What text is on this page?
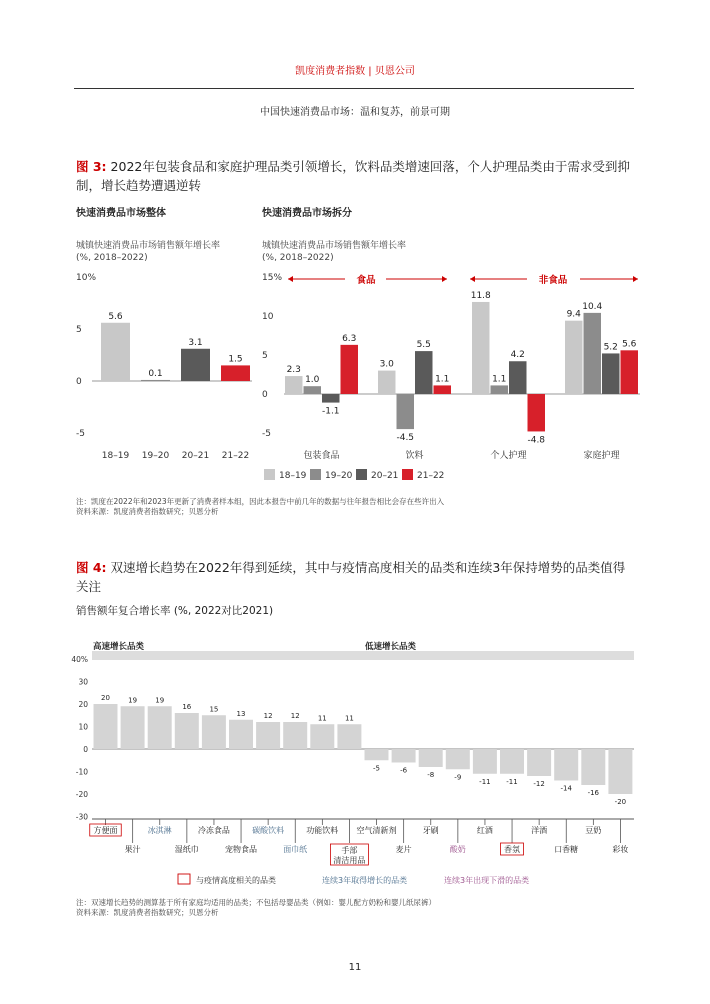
凯度消费者指数 | 贝恩公司
中国快速消费品市场：温和复苏，前景可期
图 3: 2022年包装食品和家庭护理品类引领增长，饮料品类增速回落，个人护理品类由于需求受到抑制，增长趋势遭遇逆转
快速消费品市场整体	快速消费品市场拆分
城镇快速消费品市场销售额年增长率
(%, 2018–2022)
城镇快速消费品市场销售额年增长率
(%, 2018–2022)
10%
5
0
-5
5.6
18–19
0.1
19–20
3.1
20–21
1.5
21–22
15%
10
5
0
-5
食品	非食品
2.3
1.0
-1.1
6.3
包装食品
3.0
-4.5
5.5
1.1
饮料
11.8
1.1
4.2
-4.8
个人护理
9.4
10.4
5.2 5.6
家庭护理
18–19 19–20 20–21 21–22
高速增长品类	低速增长品类
40%
30
20
10
0
-10
-20
-30
20
方便面
19
果汁
19
冰淇淋
16
湿纸巾
15
冷冻食品
13
宠物食品
12
碳酸饮料
12
面巾纸
11
功能饮料
11
手部
清洁用品
-5
空气清新剂
-6
麦片
-8
牙刷
-9
酸奶
-11
红酒
-11
香氛
-12
洋酒
-14
口香糖
-16
豆奶
-20
彩妆
与疫情高度相关的品类	连续3年取得增长的品类	连续3年出现下滑的品类
注：凯度在2022年和2023年更新了消费者样本组，因此本报告中前几年的数据与往年报告相比会存在些许出入
资料来源：凯度消费者指数研究；贝恩分析
图 4: 双速增长趋势在2022年得到延续，其中与疫情高度相关的品类和连续3年保持增势的品类值得关注
销售额年复合增长率 (%, 2022对比2021)
注：双速增长趋势的测算基于所有家庭均适用的品类；不包括母婴品类（例如：婴儿配方奶粉和婴儿纸尿裤）
资料来源：凯度消费者指数研究；贝恩分析
11
